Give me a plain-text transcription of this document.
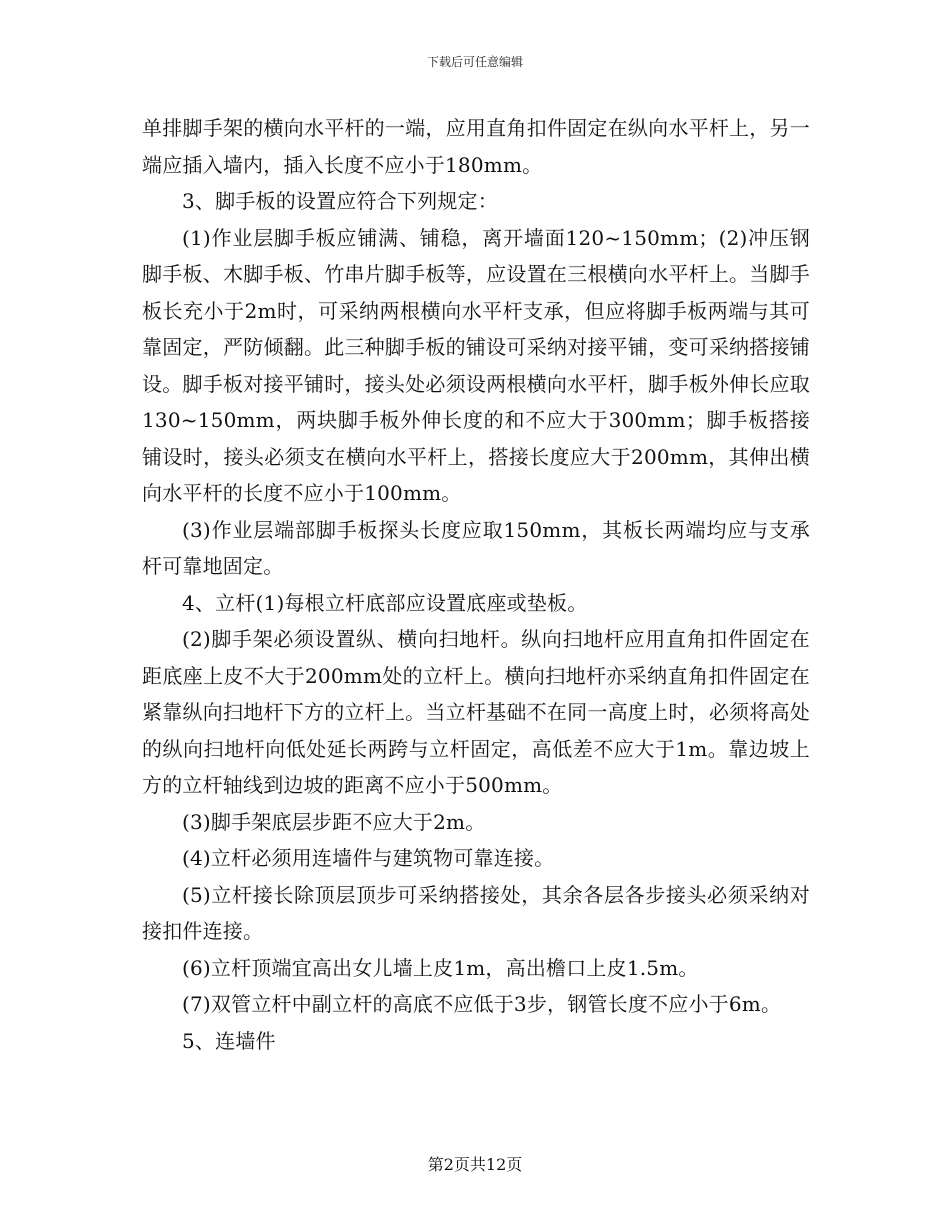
下载后可任意编辑

单排脚手架的横向水平杆的一端，应用直角扣件固定在纵向水平杆上，另一端应插入墙内，插入长度不应小于180mm。

3、脚手板的设置应符合下列规定：

(1)作业层脚手板应铺满、铺稳，离开墙面120~150mm；(2)冲压钢脚手板、木脚手板、竹串片脚手板等，应设置在三根横向水平杆上。当脚手板长充小于2m时，可采纳两根横向水平杆支承，但应将脚手板两端与其可靠固定，严防倾翻。此三种脚手板的铺设可采纳对接平铺，变可采纳搭接铺设。脚手板对接平铺时，接头处必须设两根横向水平杆，脚手板外伸长应取130~150mm，两块脚手板外伸长度的和不应大于300mm；脚手板搭接铺设时，接头必须支在横向水平杆上，搭接长度应大于200mm，其伸出横向水平杆的长度不应小于100mm。

(3)作业层端部脚手板探头长度应取150mm，其板长两端均应与支承杆可靠地固定。

4、立杆(1)每根立杆底部应设置底座或垫板。

(2)脚手架必须设置纵、横向扫地杆。纵向扫地杆应用直角扣件固定在距底座上皮不大于200mm处的立杆上。横向扫地杆亦采纳直角扣件固定在紧靠纵向扫地杆下方的立杆上。当立杆基础不在同一高度上时，必须将高处的纵向扫地杆向低处延长两跨与立杆固定，高低差不应大于1m。靠边坡上方的立杆轴线到边坡的距离不应小于500mm。

(3)脚手架底层步距不应大于2m。

(4)立杆必须用连墙件与建筑物可靠连接。

(5)立杆接长除顶层顶步可采纳搭接处，其余各层各步接头必须采纳对接扣件连接。

(6)立杆顶端宜高出女儿墙上皮1m，高出檐口上皮1.5m。

(7)双管立杆中副立杆的高底不应低于3步，钢管长度不应小于6m。

5、连墙件

第2页共12页
